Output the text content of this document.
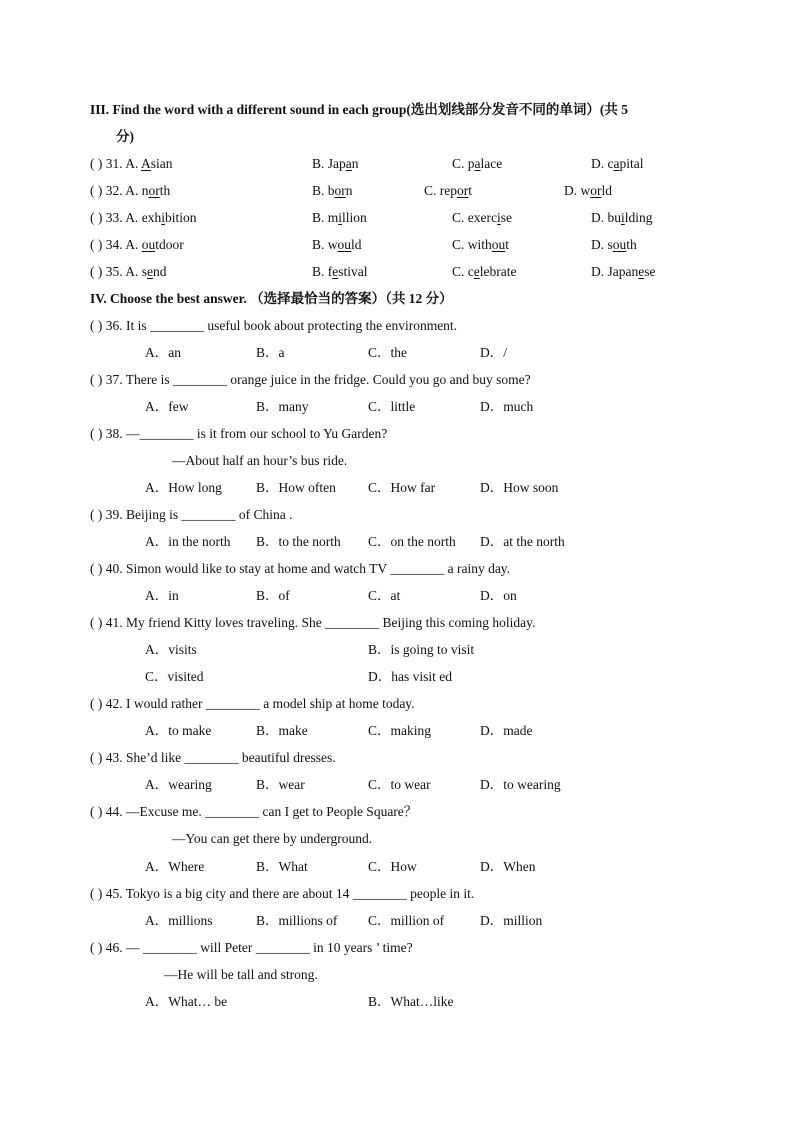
III. Find the word with a different sound in each group(选出划线部分发音不同的单词）(共 5
分)
( ) 31. A. Asian	B. Japan	C. palace	D. capital
( ) 32. A. north	B. born	C. report	D. world
( ) 33. A. exhibition	B. million	C. exercise	D. building
( ) 34. A. outdoor	B. would	C. without	D. south
( ) 35. A. send	B. festival	C. celebrate	D. Japanese
IV. Choose the best answer. （选择最恰当的答案）（共 12 分）
( ) 36. It is ________ useful book about protecting the environment.
A．an	B．a	C．the	D．/
( ) 37. There is ________ orange juice in the fridge. Could you go and buy some?
A．few	B．many	C．little	D．much
( ) 38. —________ is it from our school to Yu Garden?
—About half an hour’s bus ride.
A．How long	B．How often C．How far	D．How soon
( ) 39. Beijing is ________ of China .
A．in the north B．to the north C．on the north D．at the north
( ) 40. Simon would like to stay at home and watch TV ________ a rainy day.
A．in	B．of	C．at	D．on
( ) 41. My friend Kitty loves traveling. She ________ Beijing this coming holiday.
A．visits	B．is going to visit
C．visited	D．has visit ed
( ) 42. I would rather ________ a model ship at home today.
A．to make	B．make	C．making	D．made
( ) 43. She’d like ________ beautiful dresses.
A．wearing	B．wear	C．to wear	D．to wearing
( ) 44. —Excuse me. ________ can I get to People Square？
—You can get there by underground.
A．Where	B．What	C．How	D．When
( ) 45. Tokyo is a big city and there are about 14 ________ people in it.
A．millions	B．millions of C．million of	D．million
( ) 46. — ________ will Peter ________ in 10 years ’ time?
—He will be tall and strong.
A．What… be	B．What…like
